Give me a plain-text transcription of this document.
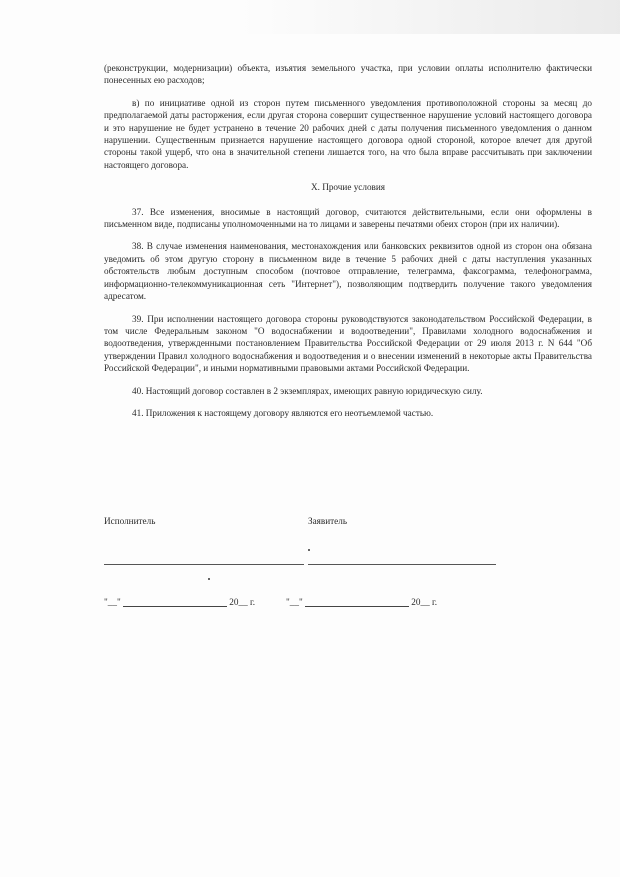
(реконструкции, модернизации) объекта, изъятия земельного участка, при условии оплаты исполнителю фактически понесенных ею расходов;

в) по инициативе одной из сторон путем письменного уведомления противоположной стороны за месяц до предполагаемой даты расторжения, если другая сторона совершит существенное нарушение условий настоящего договора и это нарушение не будет устранено в течение 20 рабочих дней с даты получения письменного уведомления о данном нарушении. Существенным признается нарушение настоящего договора одной стороной, которое влечет для другой стороны такой ущерб, что она в значительной степени лишается того, на что была вправе рассчитывать при заключении настоящего договора.

X. Прочие условия

37. Все изменения, вносимые в настоящий договор, считаются действительными, если они оформлены в письменном виде, подписаны уполномоченными на то лицами и заверены печатями обеих сторон (при их наличии).

38. В случае изменения наименования, местонахождения или банковских реквизитов одной из сторон она обязана уведомить об этом другую сторону в письменном виде в течение 5 рабочих дней с даты наступления указанных обстоятельств любым доступным способом (почтовое отправление, телеграмма, факсограмма, телефонограмма, информационно-телекоммуникационная сеть "Интернет"), позволяющим подтвердить получение такого уведомления адресатом.

39. При исполнении настоящего договора стороны руководствуются законодательством Российской Федерации, в том числе Федеральным законом "О водоснабжении и водоотведении", Правилами холодного водоснабжения и водоотведения, утвержденными постановлением Правительства Российской Федерации от 29 июля 2013 г. N 644 "Об утверждении Правил холодного водоснабжения и водоотведения и о внесении изменений в некоторые акты Правительства Российской Федерации", и иными нормативными правовыми актами Российской Федерации.

40. Настоящий договор составлен в 2 экземплярах, имеющих равную юридическую силу.

41. Приложения к настоящему договору являются его неотъемлемой частью.

Исполнитель	Заявитель
"__"	20__ г.	"__"	20__ г.
